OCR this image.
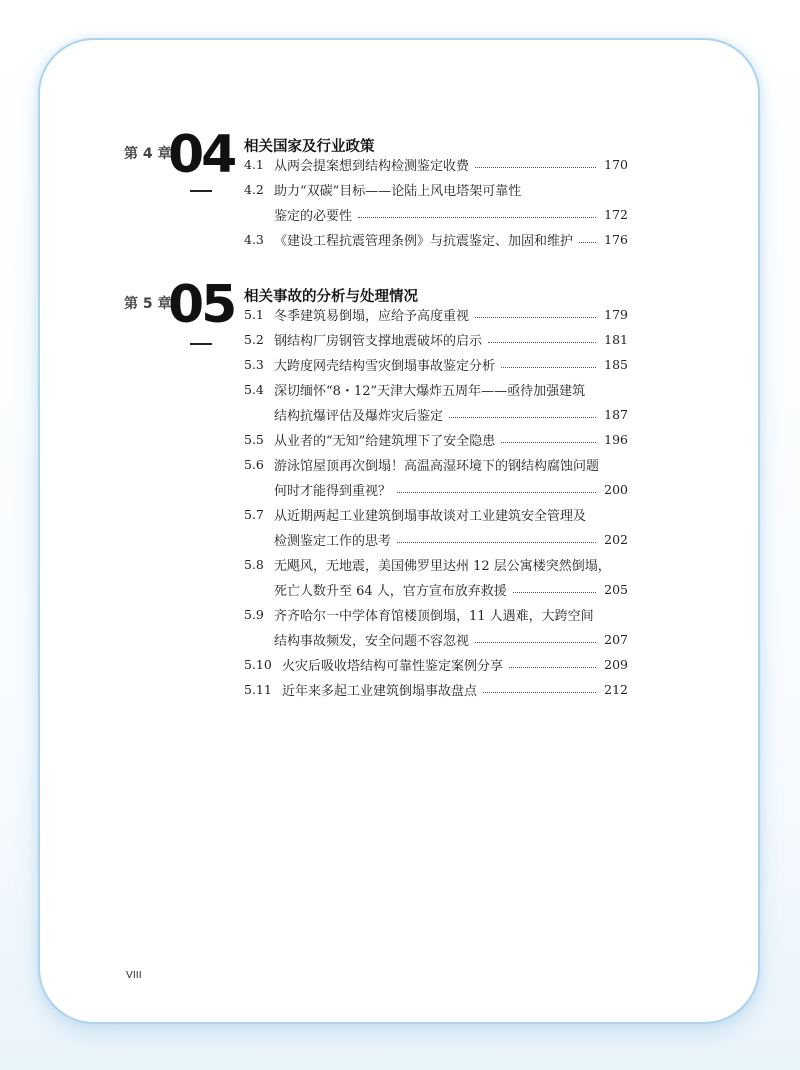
第 4 章
04 相关国家及行业政策
4.1 从两会提案想到结构检测鉴定收费	170
4.2 助力“双碳”目标——论陆上风电塔架可靠性
鉴定的必要性	172
4.3 《建设工程抗震管理条例》与抗震鉴定、加固和维护 176
第 5 章
05 相关事故的分析与处理情况
5.1 冬季建筑易倒塌，应给予高度重视	179
5.2 钢结构厂房钢管支撑地震破坏的启示	181
5.3 大跨度网壳结构雪灾倒塌事故鉴定分析	185
5.4 深切缅怀“8・12”天津大爆炸五周年——亟待加强建筑
结构抗爆评估及爆炸灾后鉴定	187
5.5 从业者的“无知”给建筑埋下了安全隐患	196
5.6 游泳馆屋顶再次倒塌！高温高湿环境下的钢结构腐蚀问题
何时才能得到重视？	200
5.7 从近期两起工业建筑倒塌事故谈对工业建筑安全管理及
检测鉴定工作的思考	202
5.8 无飓风，无地震，美国佛罗里达州 12 层公寓楼突然倒塌，
死亡人数升至 64 人，官方宣布放弃救援	205
5.9 齐齐哈尔一中学体育馆楼顶倒塌，11 人遇难，大跨空间
结构事故频发，安全问题不容忽视	207
5.10 火灾后吸收塔结构可靠性鉴定案例分享	209
5.11 近年来多起工业建筑倒塌事故盘点	212
VIII
